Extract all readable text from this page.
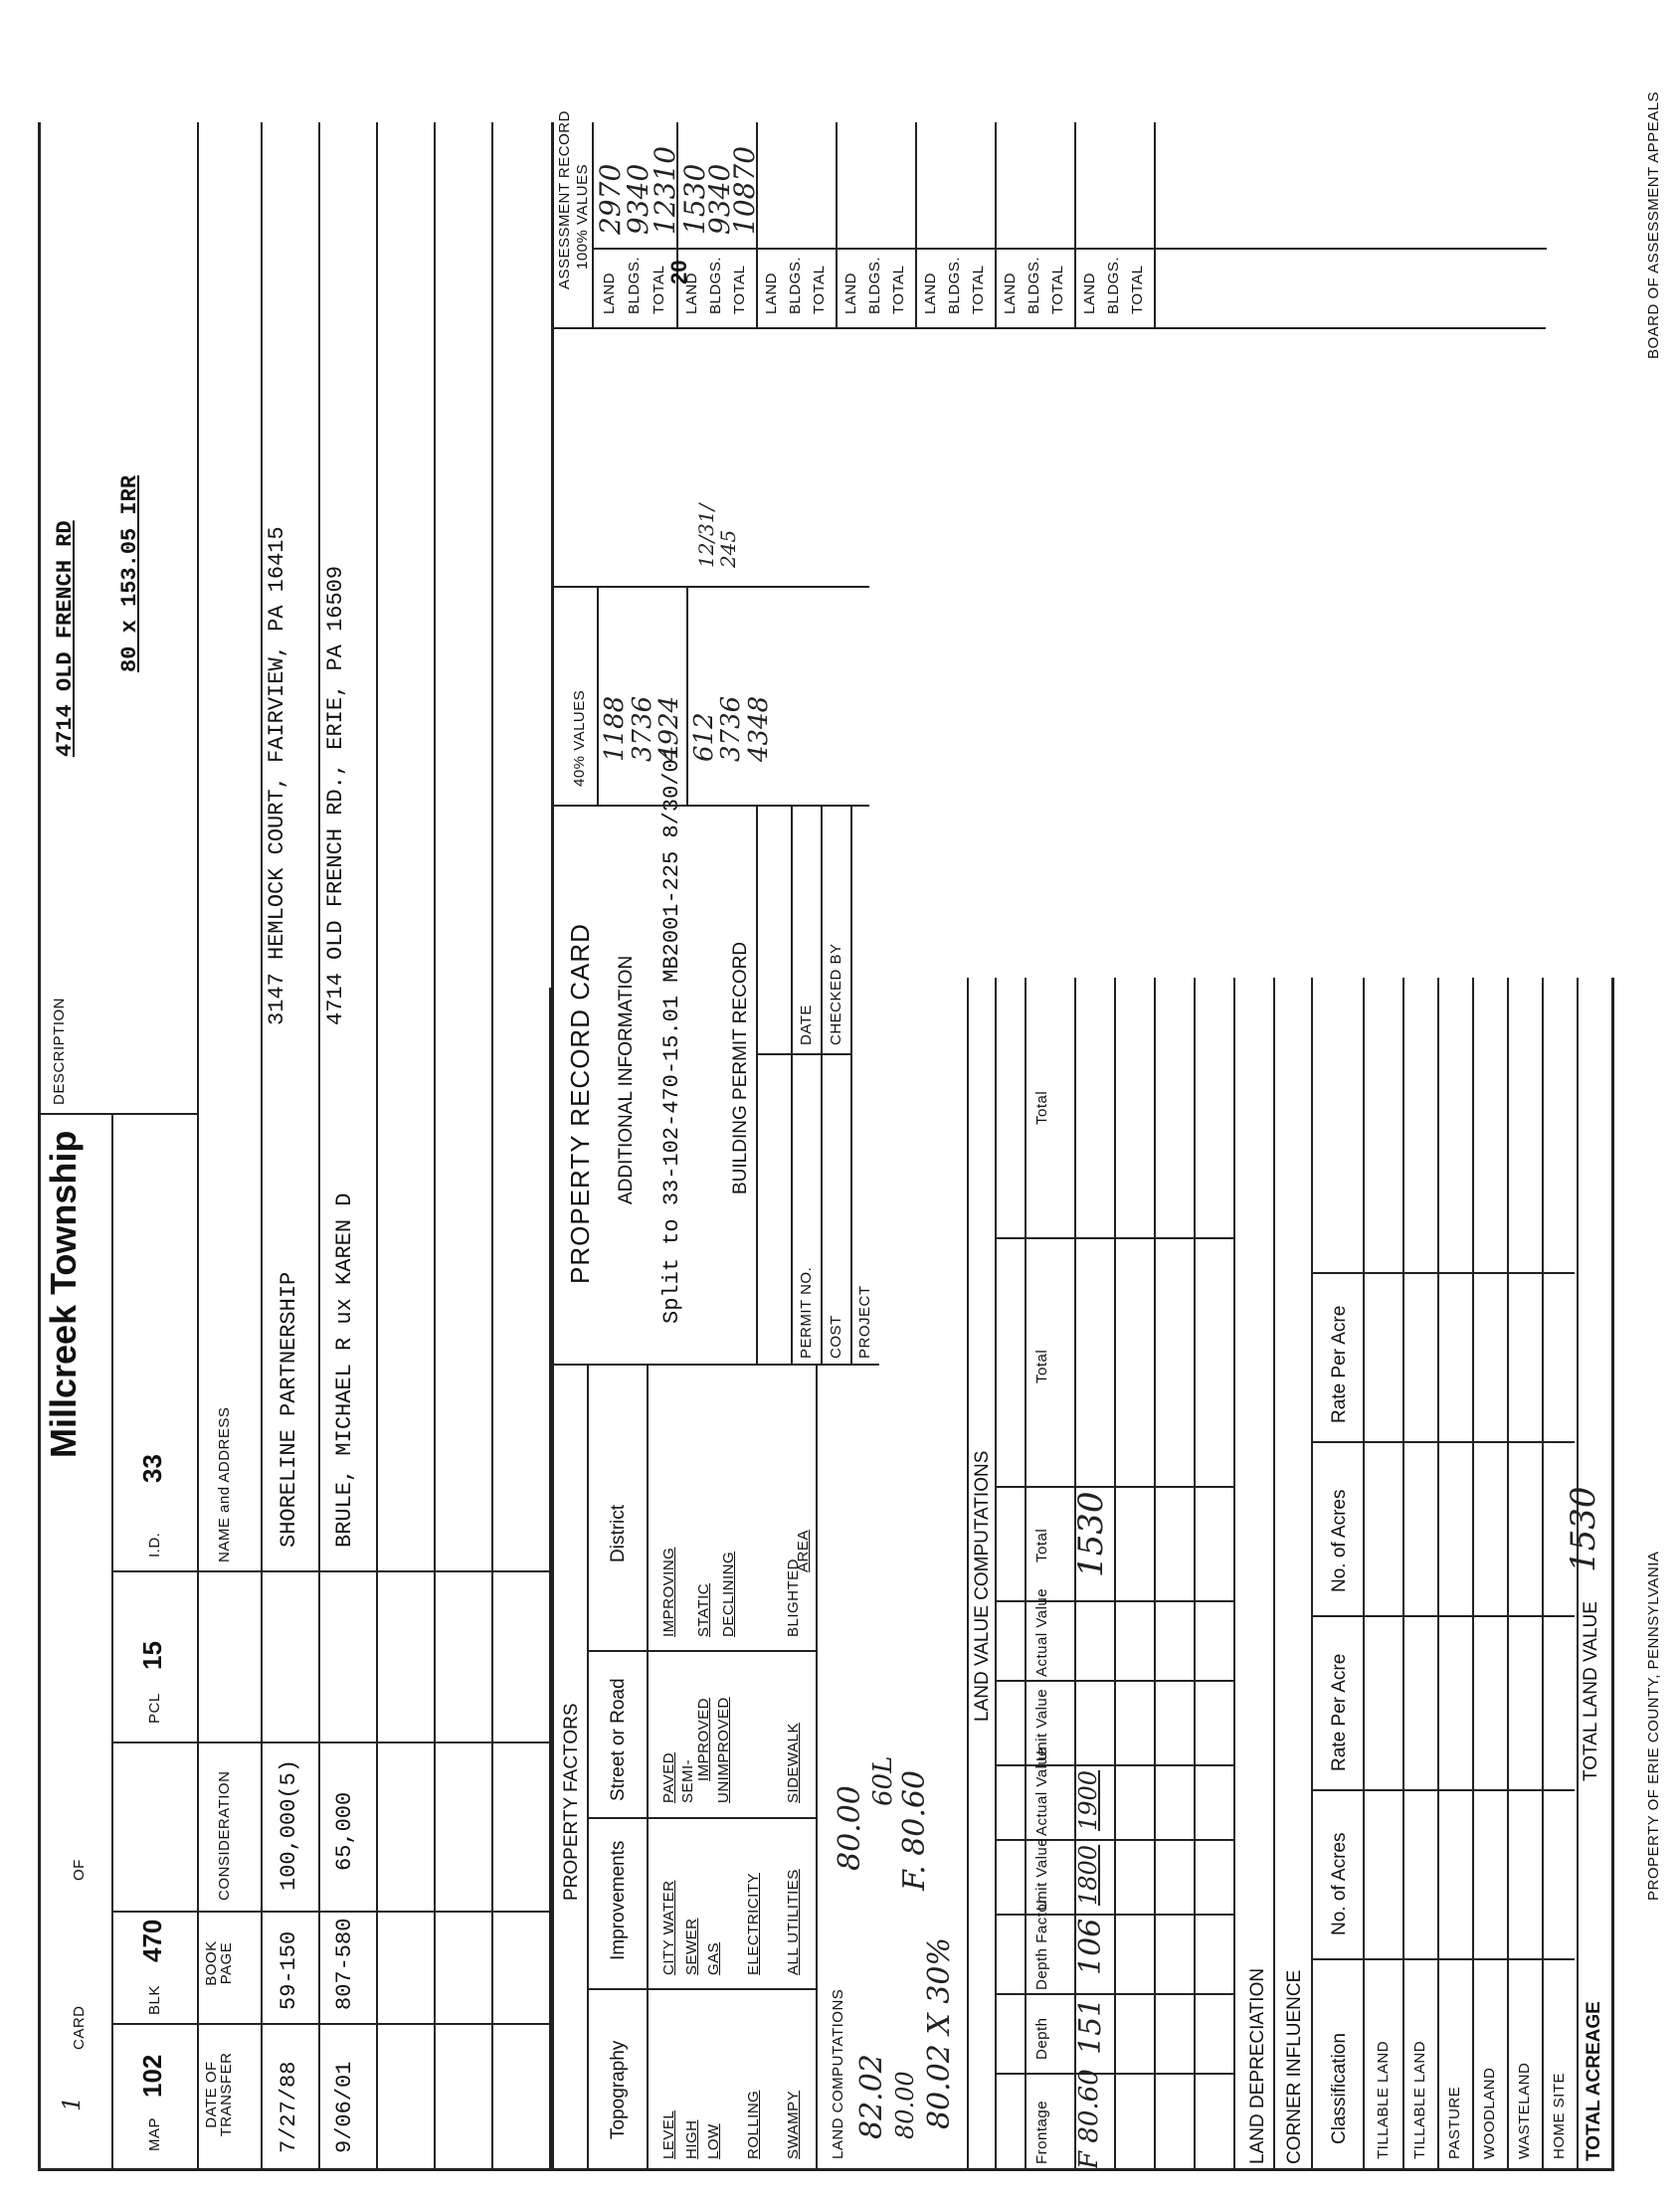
CARD
1
OF
Millcreek Township
DESCRIPTION
4714 OLD FRENCH RD 80 x 153.05 IRR
MAP
102
BLK
470
PCL
15
I.D.
33
DATE OF TRANSFER
BOOK PAGE
CONSIDERATION
NAME and ADDRESS
7/27/88
59-150
100,000(5)
SHORELINE PARTNERSHIP
3147 HEMLOCK COURT, FAIRVIEW, PA 16415
9/06/01
807-580
65,000
BRULE, MICHAEL R ux KAREN D
4714 OLD FRENCH RD., ERIE, PA 16509
PROPERTY FACTORS
Topography
Improvements
Street or Road
District
LEVEL HIGH LOW ROLLING SWAMPY
CITY WATER SEWER GAS ELECTRICITY ALL UTILITIES
PAVED SEMI- IMPROVED UNIMPROVED	SIDEWALK
IMPROVING STATIC DECLINING	BLIGHTED
AREA
PROPERTY RECORD CARD ADDITIONAL INFORMATION Split to 33-102-470-15.01 MB2001-225 8/30/01 BUILDING PERMIT RECORD
PERMIT NO.
DATE
COST
CHECKED BY
PROJECT
40% VALUES 1188
3736
4924 612
3736
4348
12/31/
245
ASSESSMENT RECORD 100% VALUES
LAND BLDGS. TOTAL LAND BLDGS. TOTAL LAND BLDGS. TOTAL LAND BLDGS. TOTAL LAND BLDGS. TOTAL LAND BLDGS. TOTAL LAND BLDGS. TOTAL
2970
9340
12310
1530
9340
10870
20
LAND COMPUTATIONS 82.02 80.00 80.02 X 30%
80.00
60L F. 80.60
LAND VALUE COMPUTATIONS
Frontage
Depth
Depth Factor
Unit Value
Actual Value
Unit Value
Actual Value
Total
Total
Total
F 80.60
151
106
1800
1900
1530
LAND DEPRECIATION CORNER INFLUENCE Classification
No. of Acres
Rate Per Acre
No. of Acres
Rate Per Acre
TILLABLE LAND TILLABLE LAND PASTURE WOODLAND WASTELAND HOME SITE TOTAL ACREAGE
TOTAL LAND VALUE
1530
PROPERTY OF ERIE COUNTY, PENNSYLVANIA
BOARD OF ASSESSMENT APPEALS
